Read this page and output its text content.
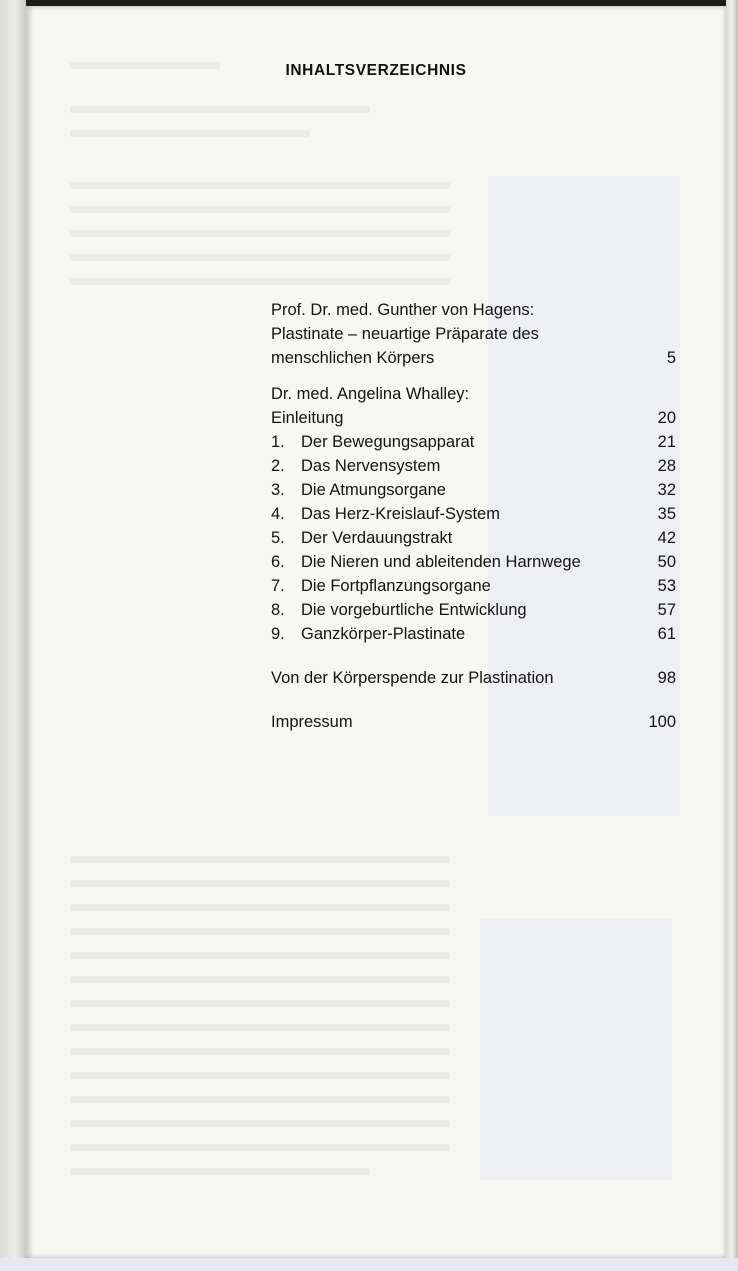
INHALTSVERZEICHNIS
Prof. Dr. med. Gunther von Hagens:
Plastinate – neuartige Präparate des
menschlichen Körpers	5
Dr. med. Angelina Whalley:
Einleitung	20
1. Der Bewegungsapparat	21
2. Das Nervensystem	28
3. Die Atmungsorgane	32
4. Das Herz-Kreislauf-System	35
5. Der Verdauungstrakt	42
6. Die Nieren und ableitenden Harnwege	50
7. Die Fortpflanzungsorgane	53
8. Die vorgeburtliche Entwicklung	57
9. Ganzkörper-Plastinate	61
Von der Körperspende zur Plastination	98
Impressum	100
